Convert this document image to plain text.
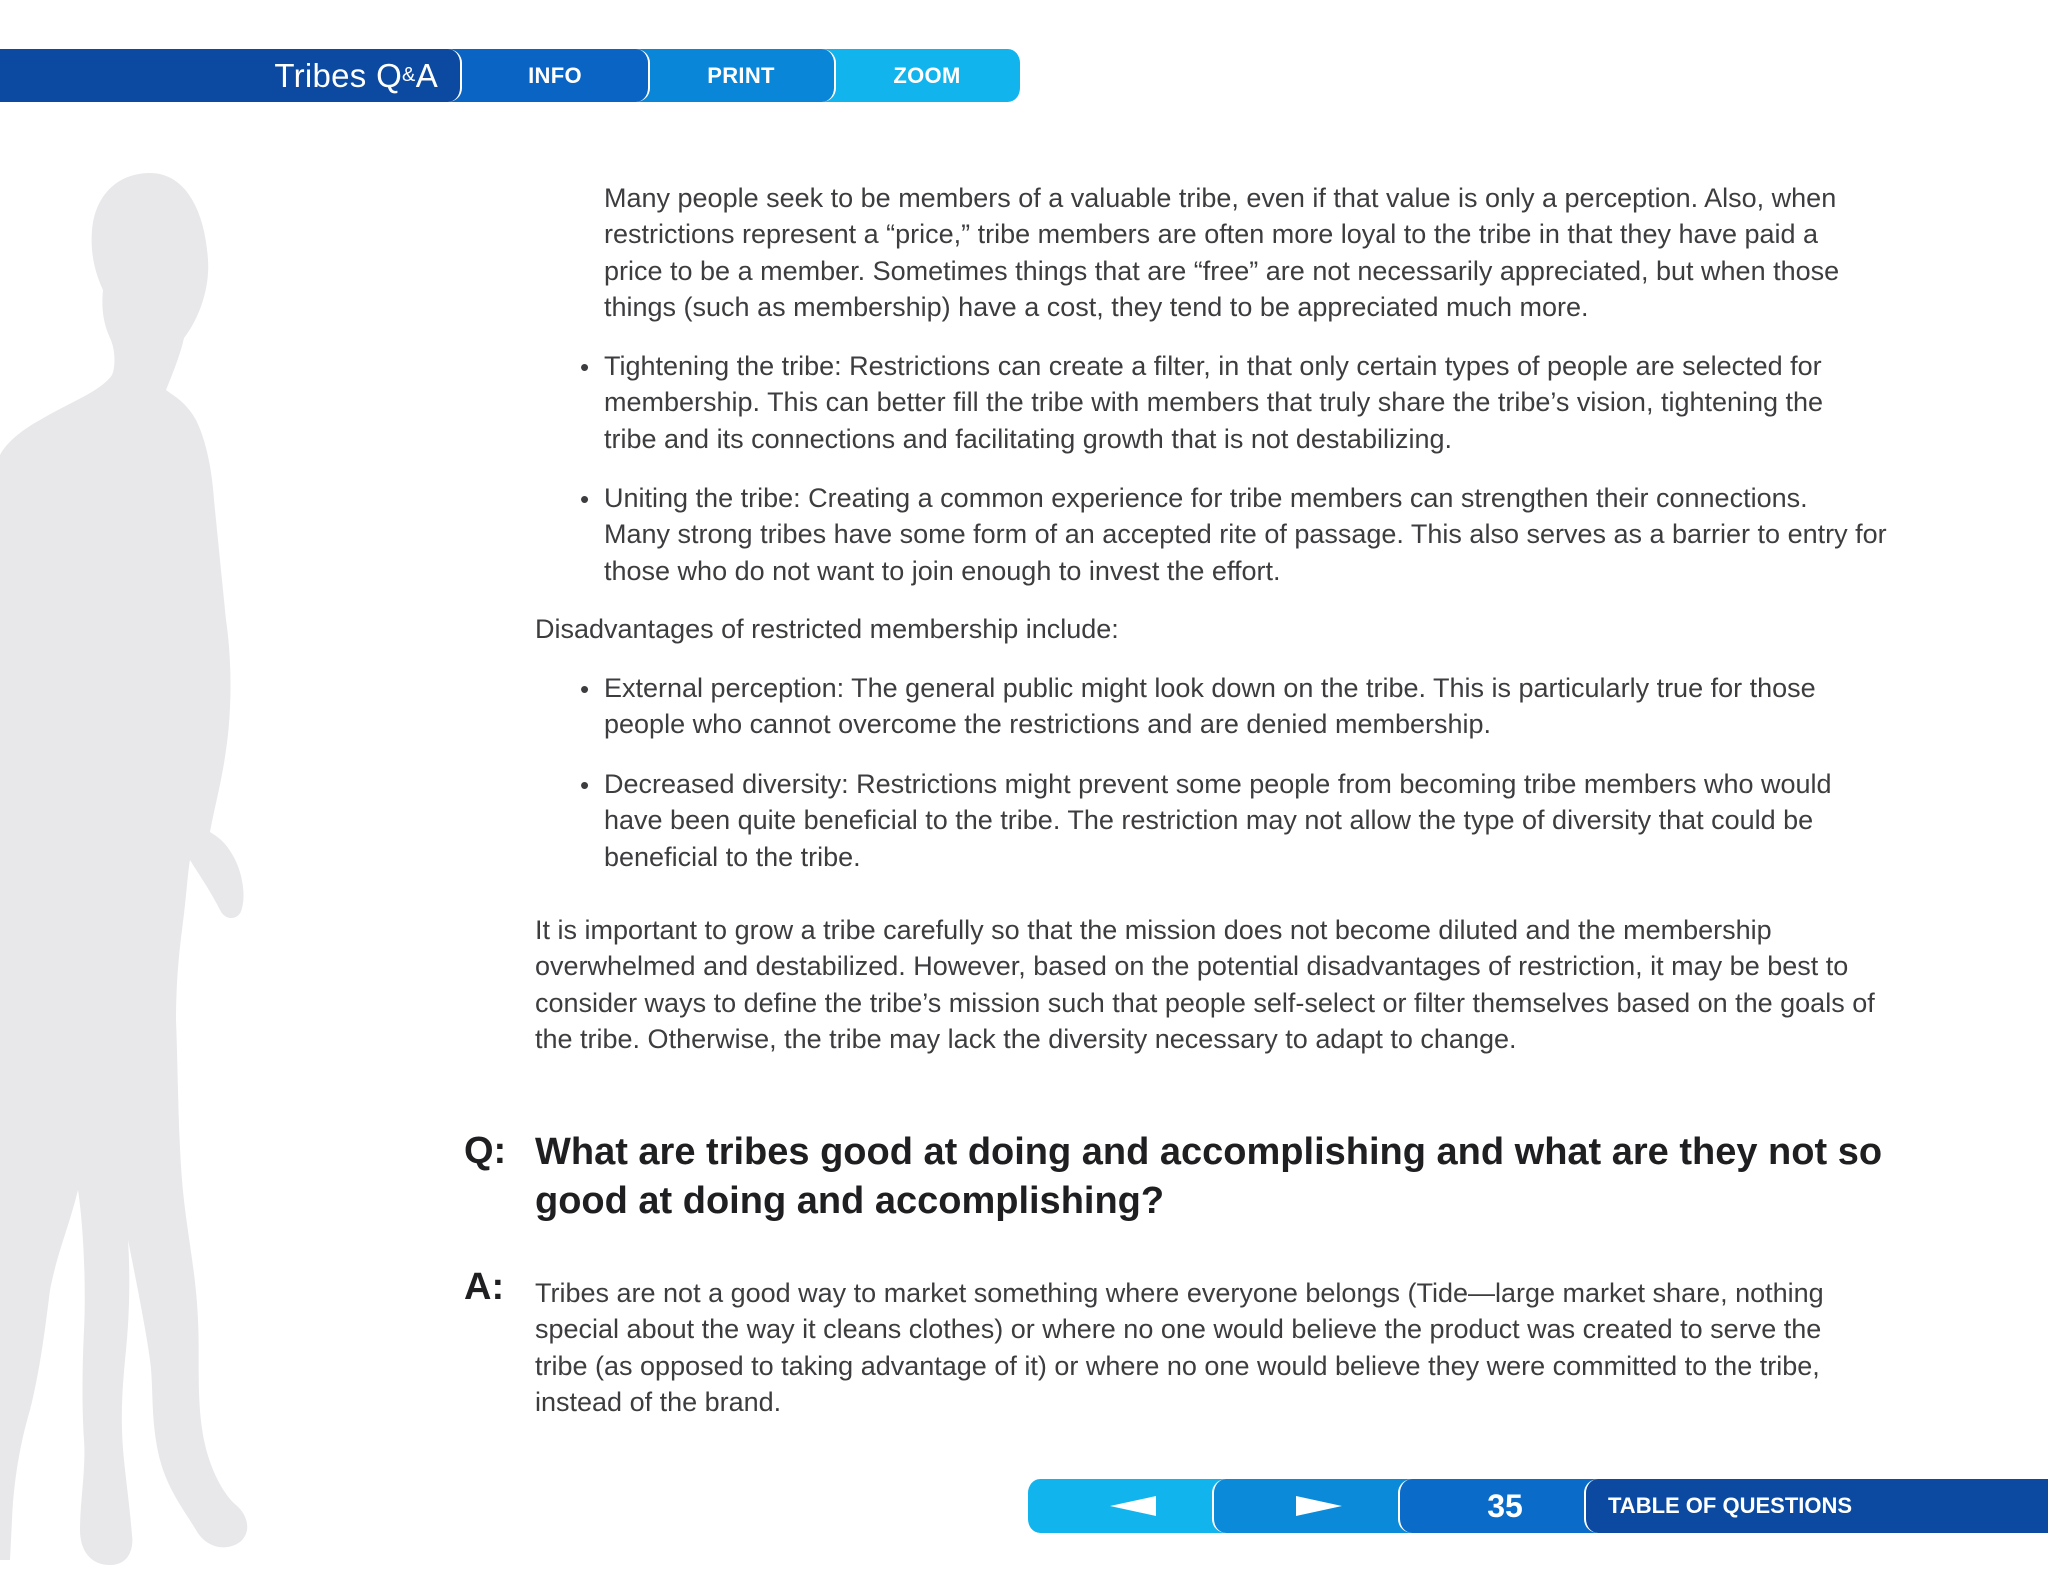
Tribes Q & A	INFO	PRINT	ZOOM
Many people seek to be members of a valuable tribe, even if that value is only a perception. Also, when
restrictions represent a “price,” tribe members are often more loyal to the tribe in that they have paid a
price to be a member. Sometimes things that are “free” are not necessarily appreciated, but when those
things (such as membership) have a cost, they tend to be appreciated much more.
• Tightening the tribe: Restrictions can create a filter, in that only certain types of people are selected for
membership. This can better fill the tribe with members that truly share the tribe’s vision, tightening the
tribe and its connections and facilitating growth that is not destabilizing.
• Uniting the tribe: Creating a common experience for tribe members can strengthen their connections.
Many strong tribes have some form of an accepted rite of passage. This also serves as a barrier to entry for
those who do not want to join enough to invest the effort.
Disadvantages of restricted membership include:
• External perception: The general public might look down on the tribe. This is particularly true for those
people who cannot overcome the restrictions and are denied membership.
• Decreased diversity: Restrictions might prevent some people from becoming tribe members who would
have been quite beneficial to the tribe. The restriction may not allow the type of diversity that could be
beneficial to the tribe.
It is important to grow a tribe carefully so that the mission does not become diluted and the membership
overwhelmed and destabilized. However, based on the potential disadvantages of restriction, it may be best to
consider ways to define the tribe’s mission such that people self-select or filter themselves based on the goals of
the tribe. Otherwise, the tribe may lack the diversity necessary to adapt to change.
Q: What are tribes good at doing and accomplishing and what are they not so
good at doing and accomplishing?
A: Tribes are not a good way to market something where everyone belongs (Tide—large market share, nothing
special about the way it cleans clothes) or where no one would believe the product was created to serve the
tribe (as opposed to taking advantage of it) or where no one would believe they were committed to the tribe,
instead of the brand.
35	TABLE OF QUESTIONS
